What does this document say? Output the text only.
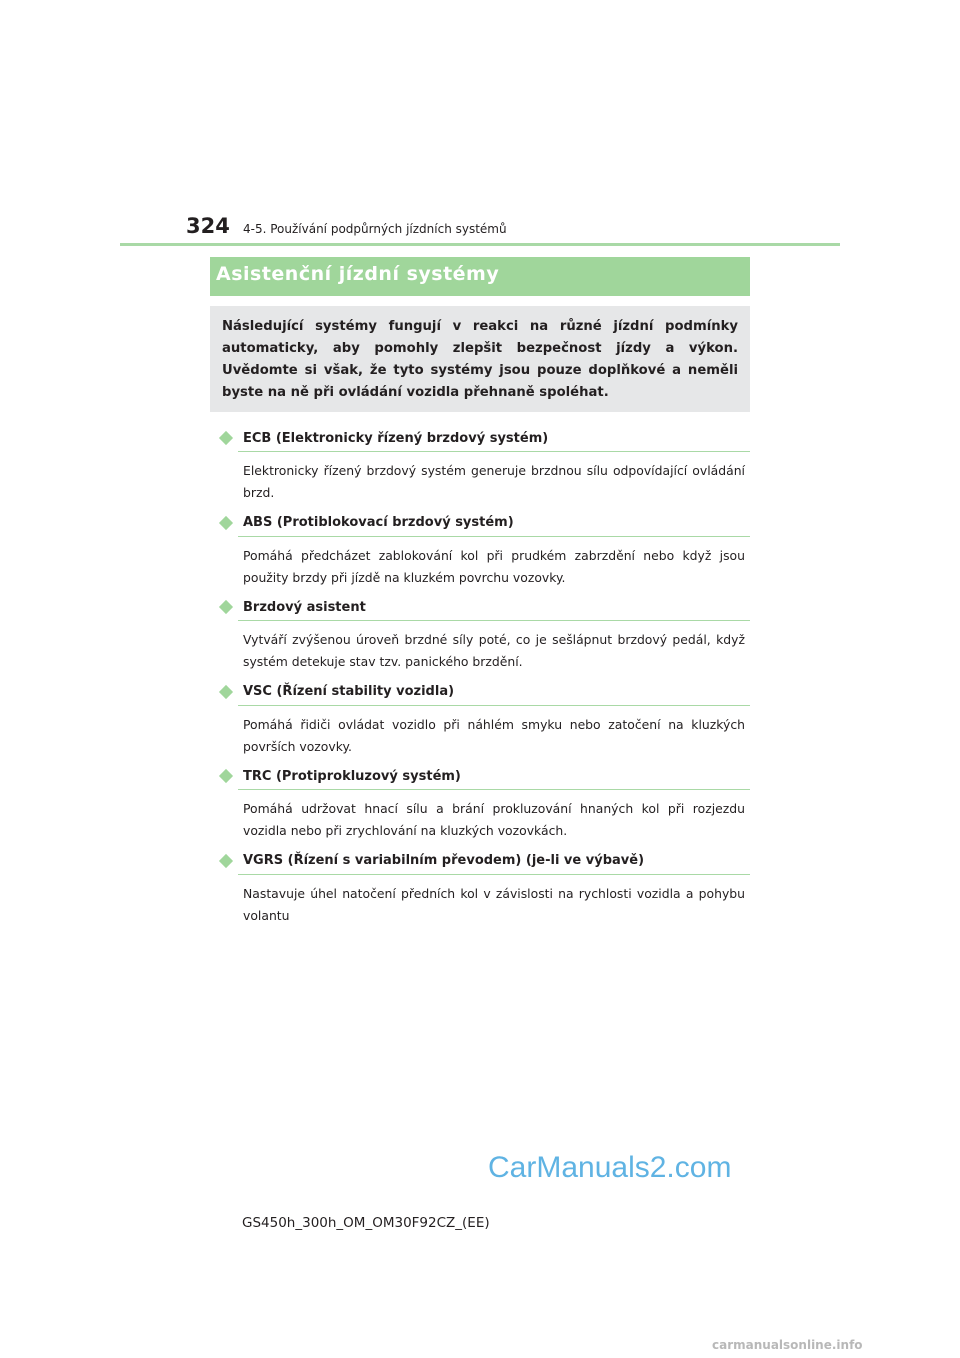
324 4-5. Používání podpůrných jízdních systémů
Asistenční jízdní systémy
Následující systémy fungují v reakci na různé jízdní podmínky automaticky, aby pomohly zlepšit bezpečnost jízdy a výkon. Uvědomte si však, že tyto systémy jsou pouze doplňkové a neměli byste na ně při ovládání vozidla přehnaně spoléhat.
ECB (Elektronicky řízený brzdový systém)
Elektronicky řízený brzdový systém generuje brzdnou sílu odpovídající ovládání brzd.
ABS (Protiblokovací brzdový systém)
Pomáhá předcházet zablokování kol při prudkém zabrzdění nebo když jsou použity brzdy při jízdě na kluzkém povrchu vozovky.
Brzdový asistent
Vytváří zvýšenou úroveň brzdné síly poté, co je sešlápnut brzdový pedál, když systém detekuje stav tzv. panického brzdění.
VSC (Řízení stability vozidla)
Pomáhá řidiči ovládat vozidlo při náhlém smyku nebo zatočení na kluzkých površích vozovky.
TRC (Protiprokluzový systém)
Pomáhá udržovat hnací sílu a brání prokluzování hnaných kol při rozjezdu vozidla nebo při zrychlování na kluzkých vozovkách.
VGRS (Řízení s variabilním převodem) (je-li ve výbavě)
Nastavuje úhel natočení předních kol v závislosti na rychlosti vozidla a pohybu volantu
CarManuals2.com
GS450h_300h_OM_OM30F92CZ_(EE)
carmanualsonline.info
